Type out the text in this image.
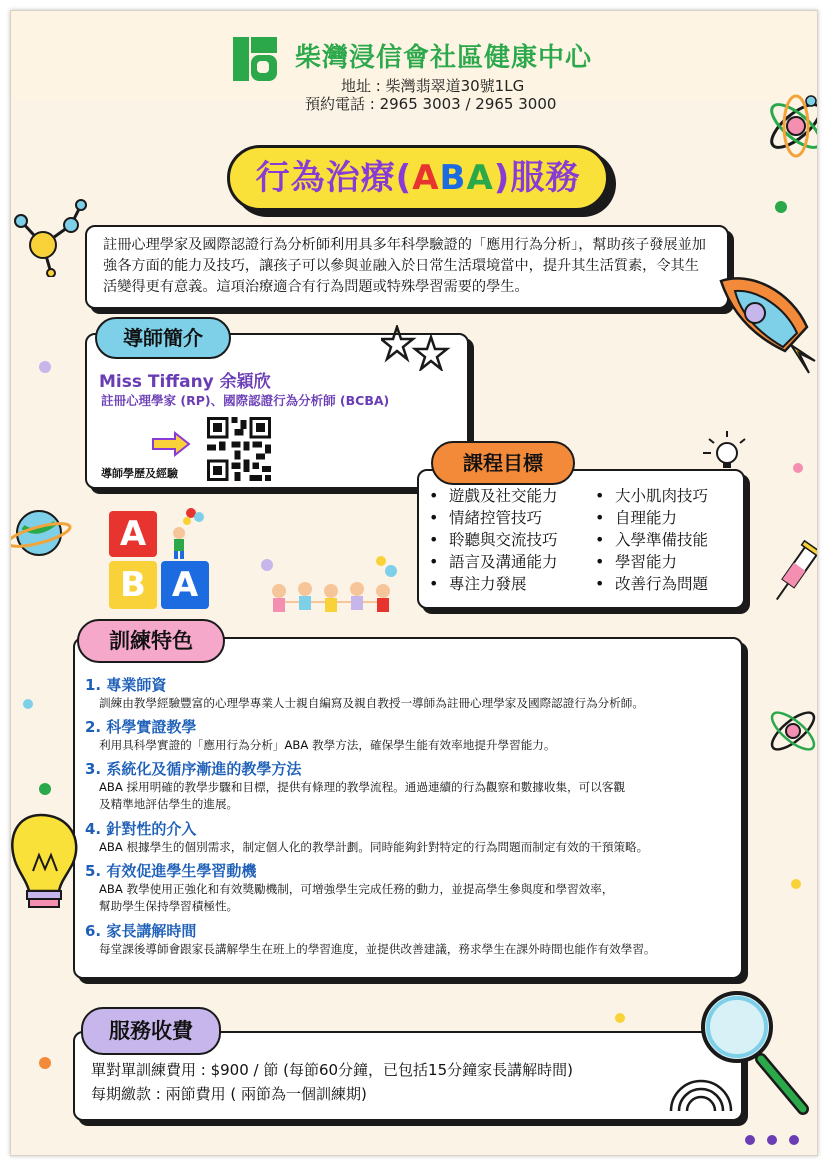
柴灣浸信會社區健康中心
地址 : 柴灣翡翠道30號1LG
預約電話 : 2965 3003 / 2965 3000
行為治療(ABA)服務

註冊心理學家及國際認證行為分析師利用具多年科學驗證的「應用行為分析」，幫助孩子發展並加強各方面的能力及技巧，讓孩子可以參與並融入於日常生活環境當中，提升其生活質素，令其生活變得更有意義。這項治療適合有行為問題或特殊學習需要的學生。

導師簡介
Miss Tiffany 余穎欣
註冊心理學家 (RP)、國際認證行為分析師 (BCBA)
導師學歷及經驗	課程目標
• 遊戲及社交能力
• 情緒控管技巧
• 聆聽與交流技巧
• 語言及溝通能力
• 專注力發展
• 大小肌肉技巧
• 自理能力
• 入學準備技能
• 學習能力
• 改善行為問題
A
B A
訓練特色

1. 專業師資

訓練由教學經驗豐富的心理學專業人士親自編寫及親自教授一導師為註冊心理學家及國際認證行為分析師。

2. 科學實證教學

利用具科學實證的「應用行為分析」ABA 教學方法，確保學生能有效率地提升學習能力。

3. 系統化及循序漸進的教學方法

ABA 採用明確的教學步驟和目標，提供有條理的教學流程。通過連續的行為觀察和數據收集，可以客觀

及精準地評估學生的進展。

4. 針對性的介入

ABA 根據學生的個別需求，制定個人化的教學計劃。同時能夠針對特定的行為問題而制定有效的干預策略。

5. 有效促進學生學習動機

ABA 教學使用正強化和有效獎勵機制，可增強學生完成任務的動力，並提高學生參與度和學習效率，

幫助學生保持學習積極性。

6. 家長講解時間

每堂課後導師會跟家長講解學生在班上的學習進度，並提供改善建議，務求學生在課外時間也能作有效學習。

服務收費
單對單訓練費用 : $900 / 節 (每節60分鐘，已包括15分鐘家長講解時間)
每期繳款 : 兩節費用 ( 兩節為一個訓練期)
